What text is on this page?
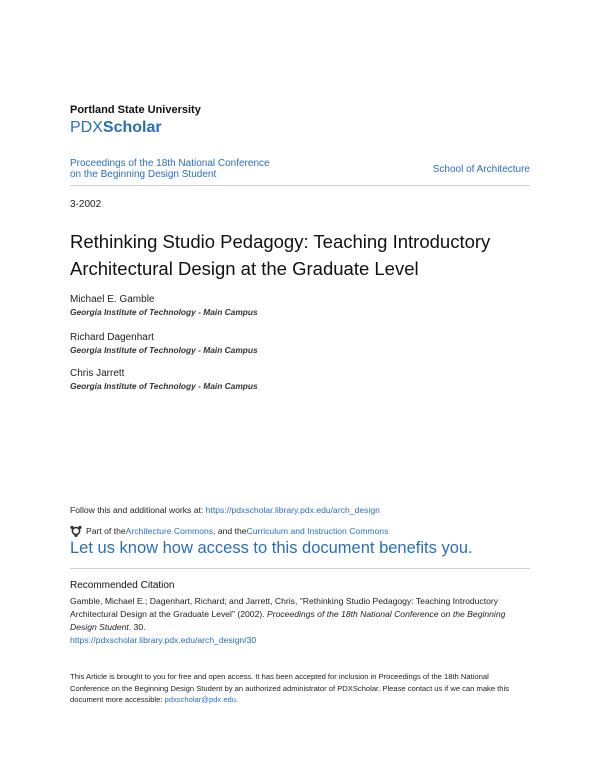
Portland State University
PDXScholar
Proceedings of the 18th National Conference
on the Beginning Design Student	School of Architecture
3-2002
Rethinking Studio Pedagogy: Teaching Introductory Architectural Design at the Graduate Level
Michael E. Gamble
Georgia Institute of Technology - Main Campus
Richard Dagenhart
Georgia Institute of Technology - Main Campus
Chris Jarrett
Georgia Institute of Technology - Main Campus
Follow this and additional works at: https://pdxscholar.library.pdx.edu/arch_design
Part of the Architecture Commons , and the Curriculum and Instruction Commons
Let us know how access to this document benefits you.
Recommended Citation
Gamble, Michael E.; Dagenhart, Richard; and Jarrett, Chris, "Rethinking Studio Pedagogy: Teaching Introductory Architectural Design at the Graduate Level" (2002). Proceedings of the 18th National Conference on the Beginning Design Student. 30.
https://pdxscholar.library.pdx.edu/arch_design/30
This Article is brought to you for free and open access. It has been accepted for inclusion in Proceedings of the 18th National Conference on the Beginning Design Student by an authorized administrator of PDXScholar. Please contact us if we can make this document more accessible: pdxscholar@pdx.edu.
